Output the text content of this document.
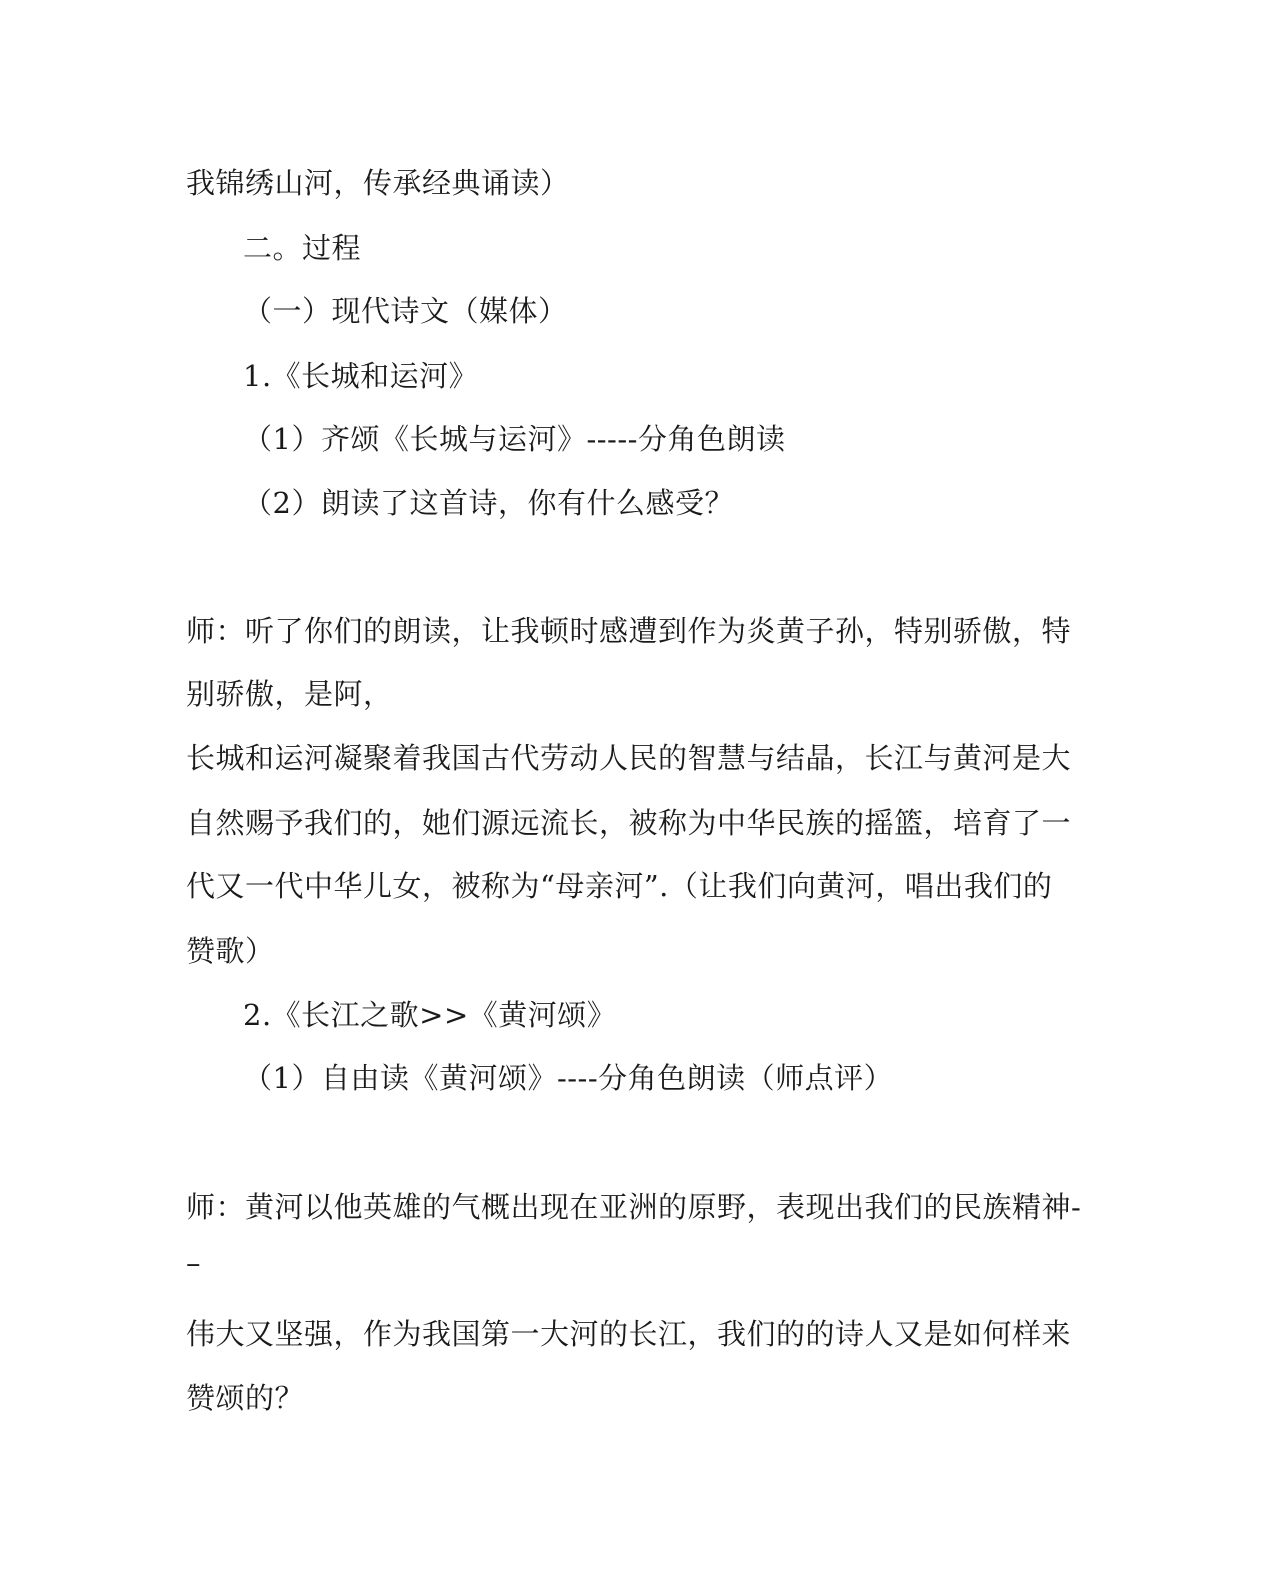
我锦绣山河，传承经典诵读）

二。过程

（一）现代诗文（媒体）

1.《长城和运河》

（1）齐颂《长城与运河》-----分角色朗读

（2）朗读了这首诗，你有什么感受？

师：听了你们的朗读，让我顿时感遭到作为炎黄子孙，特别骄傲，特

别骄傲，是阿，

长城和运河凝聚着我国古代劳动人民的智慧与结晶，长江与黄河是大

自然赐予我们的，她们源远流长，被称为中华民族的摇篮，培育了一

代又一代中华儿女，被称为“母亲河”.（让我们向黄河，唱出我们的

赞歌）

2.《长江之歌>>《黄河颂》

（1）自由读《黄河颂》----分角色朗读（师点评）

师：黄河以他英雄的气概出现在亚洲的原野，表现出我们的民族精神-

–

伟大又坚强，作为我国第一大河的长江，我们的的诗人又是如何样来

赞颂的？
